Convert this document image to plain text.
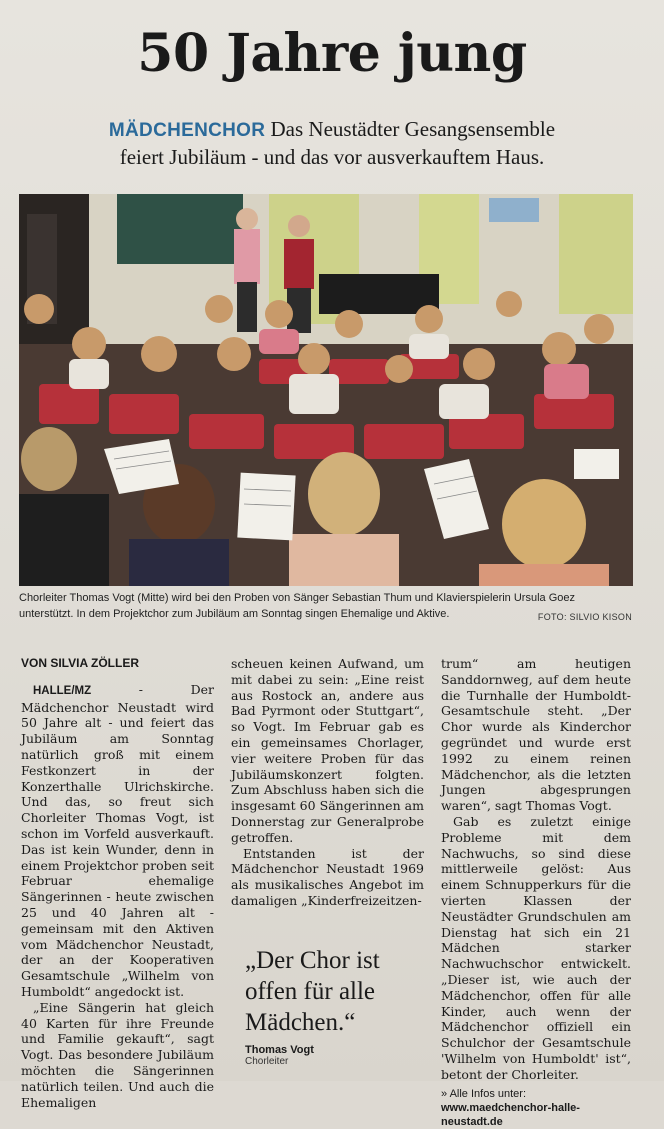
50 Jahre jung
MÄDCHENCHOR Das Neustädter Gesangsensemble
feiert Jubiläum - und das vor ausverkauftem Haus.
Chorleiter Thomas Vogt (Mitte) wird bei den Proben von Sänger Sebastian Thum und Klavierspielerin Ursula Goez
unterstützt. In dem Projektchor zum Jubiläum am Sonntag singen Ehemalige und Aktive.	FOTO: SILVIO KISON

VON SILVIA ZÖLLER

HALLE/MZ	- Der Mädchenchor Neustadt wird 50 Jahre alt - und feiert das Jubiläum am Sonntag natürlich groß mit einem Festkonzert in der Konzerthalle Ulrichskirche. Und das, so freut sich Chorleiter Thomas Vogt, ist schon im Vorfeld ausverkauft. Das ist kein Wunder, denn in einem Projektchor proben seit Februar ehemalige Sängerinnen - heute zwischen 25 und 40 Jahren alt - gemeinsam mit den Aktiven vom Mädchenchor Neustadt, der an der Kooperativen Gesamtschule „Wilhelm von Humboldt“ angedockt ist.

„Eine Sängerin hat gleich 40 Karten für ihre Freunde und Familie gekauft“, sagt Vogt. Das besondere Jubiläum möchten die Sängerinnen natürlich teilen. Und auch die Ehemaligen

scheuen keinen Aufwand, um mit dabei zu sein: „Eine reist aus Rostock an, andere aus Bad Pyrmont oder Stuttgart“, so Vogt. Im Februar gab es ein gemeinsames Chorlager, vier weitere Proben für das Jubiläumskonzert folgten. Zum Abschluss haben sich die insgesamt 60 Sängerinnen am Donnerstag zur Generalprobe getroffen.

Entstanden ist der Mädchenchor Neustadt 1969 als musikalisches Angebot im damaligen „Kinderfreizeitzen-

„Der Chor ist offen für alle Mädchen.“
Thomas Vogt
Chorleiter

trum“ am heutigen Sanddornweg, auf dem heute die Turnhalle der Humboldt-Gesamtschule steht. „Der Chor wurde als Kinderchor gegründet und wurde erst 1992 zu einem reinen Mädchenchor, als die letzten Jungen abgesprungen waren“, sagt Thomas Vogt.

Gab es zuletzt einige Probleme mit dem Nachwuchs, so sind diese mittlerweile gelöst: Aus einem Schnupperkurs für die vierten Klassen der Neustädter Grundschulen am Dienstag hat sich ein 21 Mädchen starker Nachwuchschor entwickelt. „Dieser ist, wie auch der Mädchenchor, offen für alle Kinder, auch wenn der Mädchenchor offiziell ein Schulchor der Gesamtschule 'Wilhelm von Humboldt' ist“, betont der Chorleiter.

» Alle Infos unter: www.maedchenchor-halle-neustadt.de
